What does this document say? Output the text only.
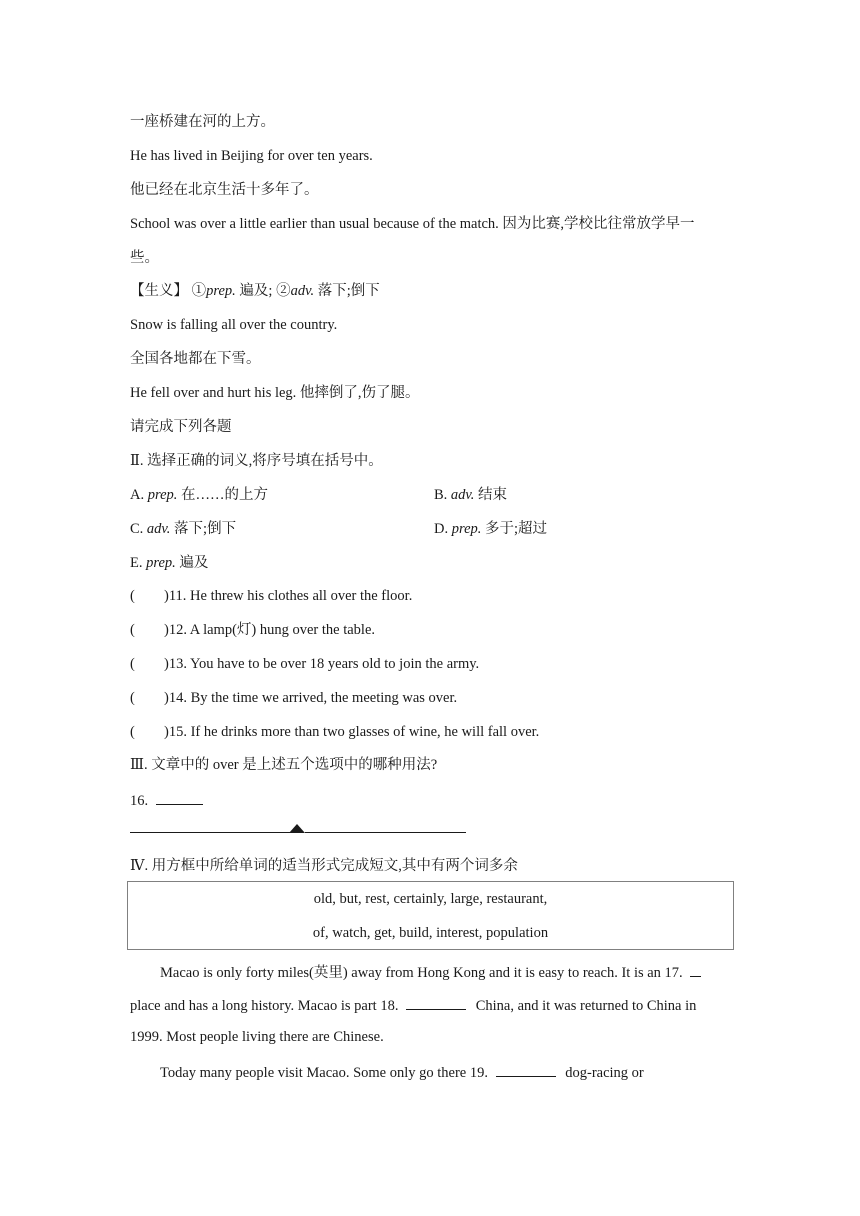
一座桥建在河的上方。
He has lived in Beijing for over ten years.
他已经在北京生活十多年了。
School was over a little earlier than usual because of the match. 因为比赛,学校比往常放学早一
些。
【生义】 ①prep. 遍及; ②adv. 落下;倒下
Snow is falling all over the country.
全国各地都在下雪。
He fell over and hurt his leg. 他摔倒了,伤了腿。
请完成下列各题
Ⅱ. 选择正确的词义,将序号填在括号中。
A. prep. 在……的上方	B. adv. 结束
C. adv. 落下;倒下	D. prep. 多于;超过
E. prep. 遍及
( )11. He threw his clothes all over the floor.
( )12. A lamp(灯) hung over the table.
( )13. You have to be over 18 years old to join the army.
( )14. By the time we arrived, the meeting was over.
( )15. If he drinks more than two glasses of wine, he will fall over.
Ⅲ. 文章中的 over 是上述五个选项中的哪种用法?
16.
Ⅳ. 用方框中所给单词的适当形式完成短文,其中有两个词多余
old, but, rest, certainly, large, restaurant,
of, watch, get, build, interest, population
Macao is only forty miles(英里) away from Hong Kong and it is easy to reach. It is an 17.
place and has a long history. Macao is part 18.	China, and it was returned to China in
1999. Most people living there are Chinese.
Today many people visit Macao. Some only go there 19.	dog-racing or
